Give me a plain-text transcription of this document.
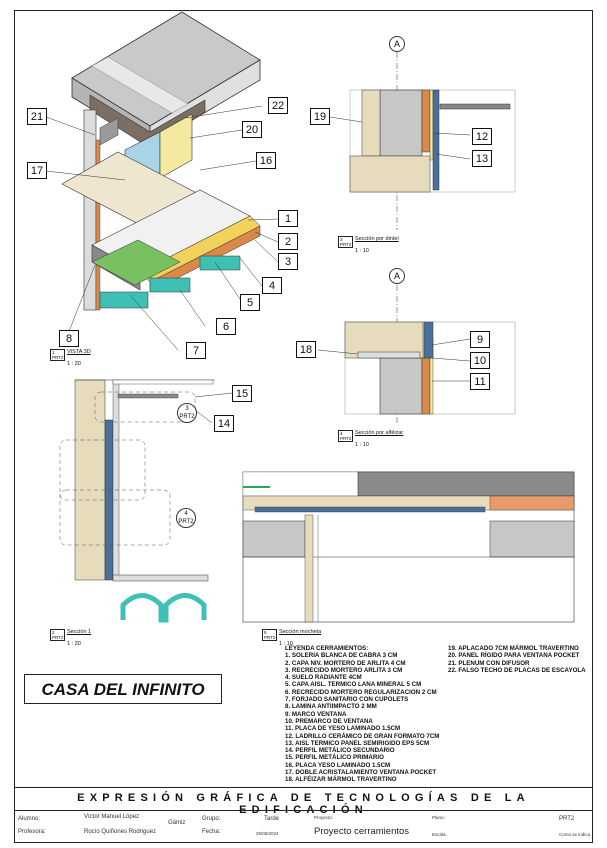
A
A
1
2
3
4
5
6
7
8
12
13
14
15
16
17
19
20
21
22
9
10
11
18
3
PRT2
4
PRT2
1
PRT2 VISTA 3D
1 : 20
3
PRT2 Sección por dintel
1 : 10
4
PRT2 Sección por alféizar
1 : 10
2
PRT2 Sección 1
1 : 20
5
PRT2 Sección mocheta
1 : 10
LEYENDA CERRAMIENTOS:
1. SOLERIA BLANCA DE CABRA 3 CM
2. CAPA NIV. MORTERO DE ARLITA 4 CM
3. RECRECIDO MORTERO ARLITA 3 CM
4. SUELO RADIANTE 4CM
5. CAPA AISL. TERMICO LANA MINERAL 5 CM
6. RECRECIDO MORTERO REGULARIZACION 2 CM
7. FORJADO SANITARIO CON CUPOLETS
8. LAMINA ANTIIMPACTO 2 MM
9. MARCO VENTANA
10. PREMARCO DE VENTANA
11. PLACA DE YESO LAMINADO 1.5CM
12. LADRILLO CERÁMICO DE GRAN FORMATO 7CM
13. AISL TERMICO PANEL SEMIRIGIDO EPS 5CM
14. PERFIL METÁLICO SECUNDARIO
15. PERFIL METÁLICO PRIMARIO
16. PLACA YESO LAMINADO 1.5CM
17. DOBLE ACRISTALAMIENTO VENTANA POCKET
18. ALFÉIZAR MÁRMOL TRAVERTINO
19. APLACADO 7CM MÁRMOL TRAVERTINO
20. PANEL RÍGIDO PARA VENTANA POCKET
21. PLENUM CON DIFUSOR
22. FALSO TECHO DE PLACAS DE ESCAYOLA
CASA DEL INFINITO
EXPRESIÓN GRÁFICA DE TECNOLOGÍAS DE LA EDIFICACIÓN
Alumno:	Víctor Manuel López
Gámiz
Profesora:	Rocío Quiñones Rodriguez
Grupo:	Tarde
Fecha:	25/05/2024
Proyecto:
Proyecto cerramientos
Plano:	PRT2
Escala:	Como se indica
